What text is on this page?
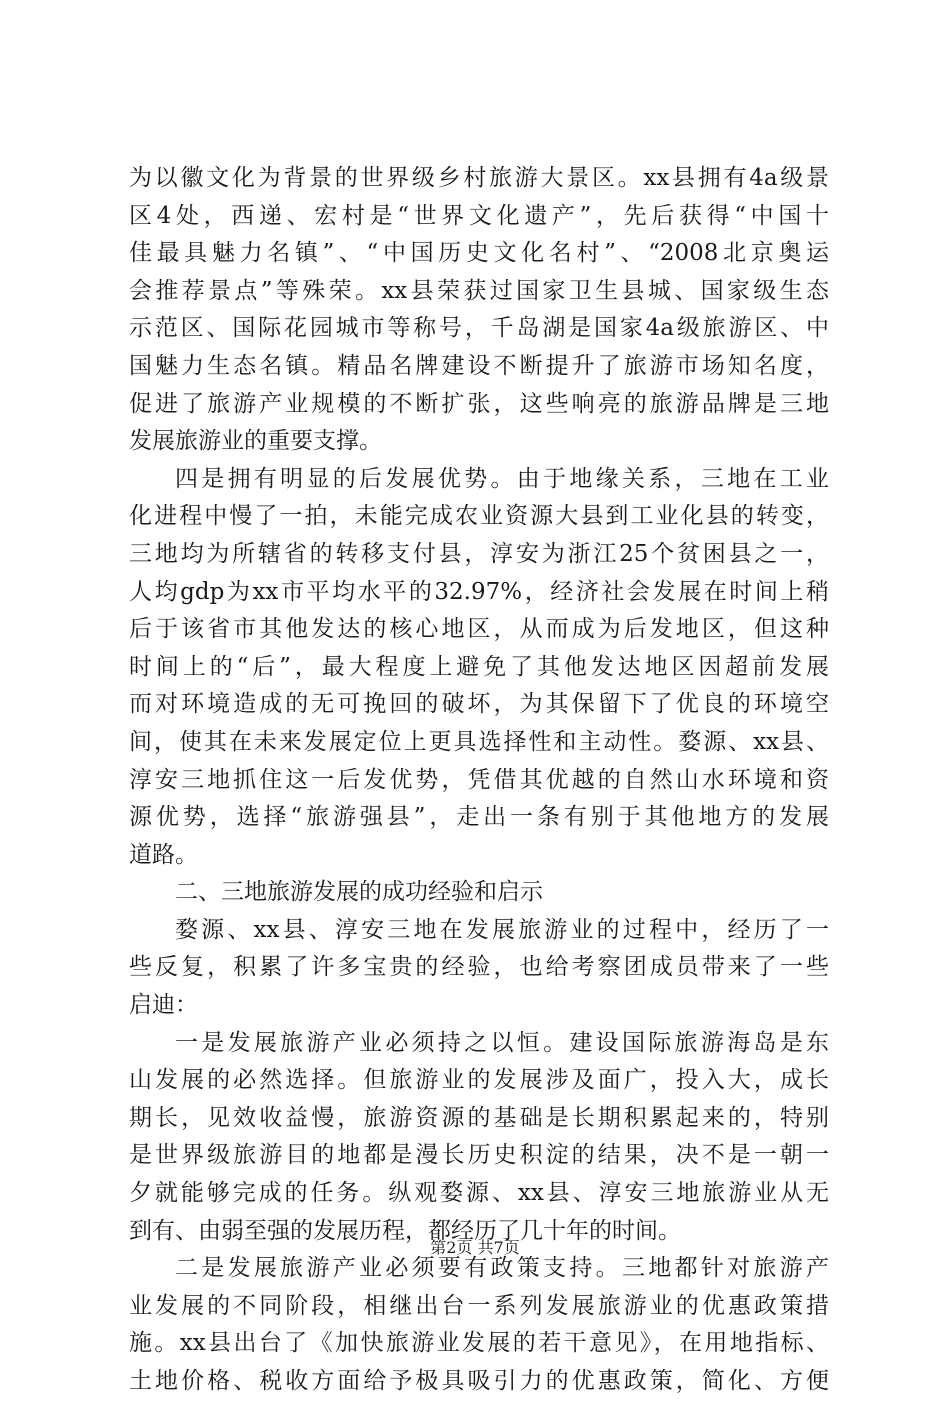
为以徽文化为背景的世界级乡村旅游大景区。xx县拥有4a级景
区4处，西递、宏村是“世界文化遗产”，先后获得“中国十
佳最具魅力名镇”、“中国历史文化名村”、“2008北京奥运
会推荐景点”等殊荣。xx县荣获过国家卫生县城、国家级生态
示范区、国际花园城市等称号，千岛湖是国家4a级旅游区、中
国魅力生态名镇。精品名牌建设不断提升了旅游市场知名度，
促进了旅游产业规模的不断扩张，这些响亮的旅游品牌是三地
发展旅游业的重要支撑。
四是拥有明显的后发展优势。由于地缘关系，三地在工业
化进程中慢了一拍，未能完成农业资源大县到工业化县的转变，
三地均为所辖省的转移支付县，淳安为浙江25个贫困县之一，
人均gdp为xx市平均水平的32.97%，经济社会发展在时间上稍
后于该省市其他发达的核心地区，从而成为后发地区，但这种
时间上的“后”，最大程度上避免了其他发达地区因超前发展
而对环境造成的无可挽回的破坏，为其保留下了优良的环境空
间，使其在未来发展定位上更具选择性和主动性。婺源、xx县、
淳安三地抓住这一后发优势，凭借其优越的自然山水环境和资
源优势，选择“旅游强县”，走出一条有别于其他地方的发展
道路。
二、三地旅游发展的成功经验和启示
婺源、xx县、淳安三地在发展旅游业的过程中，经历了一
些反复，积累了许多宝贵的经验，也给考察团成员带来了一些
启迪：
一是发展旅游产业必须持之以恒。建设国际旅游海岛是东
山发展的必然选择。但旅游业的发展涉及面广，投入大，成长
期长，见效收益慢，旅游资源的基础是长期积累起来的，特别
是世界级旅游目的地都是漫长历史积淀的结果，决不是一朝一
夕就能够完成的任务。纵观婺源、xx县、淳安三地旅游业从无
到有、由弱至强的发展历程，都经历了几十年的时间。
二是发展旅游产业必须要有政策支持。三地都针对旅游产
业发展的不同阶段，相继出台一系列发展旅游业的优惠政策措
施。xx县出台了《加快旅游业发展的若干意见》，在用地指标、
土地价格、税收方面给予极具吸引力的优惠政策，简化、方便
第2页 共7页
